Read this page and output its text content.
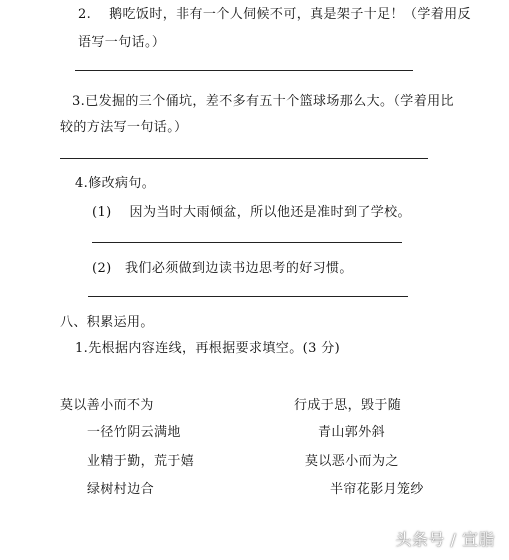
2.　 鹅吃饭时，非有一个人伺候不可，真是架子十足！（学着用反
语写一句话。）
3.已发掘的三个俑坑，差不多有五十个篮球场那么大。（学着用比
较的方法写一句话。）
4.修改病句。
(1)　 因为当时大雨倾盆，所以他还是准时到了学校。
(2)　我们必须做到边读书边思考的好习惯。
八、积累运用。
1.先根据内容连线，再根据要求填空。(3 分)
莫以善小而不为
一径竹阴云满地
业精于勤，荒于嬉
绿树村边合
行成于思，毁于随
青山郭外斜
莫以恶小而为之
半帘花影月笼纱
头条号 / 宣脂
